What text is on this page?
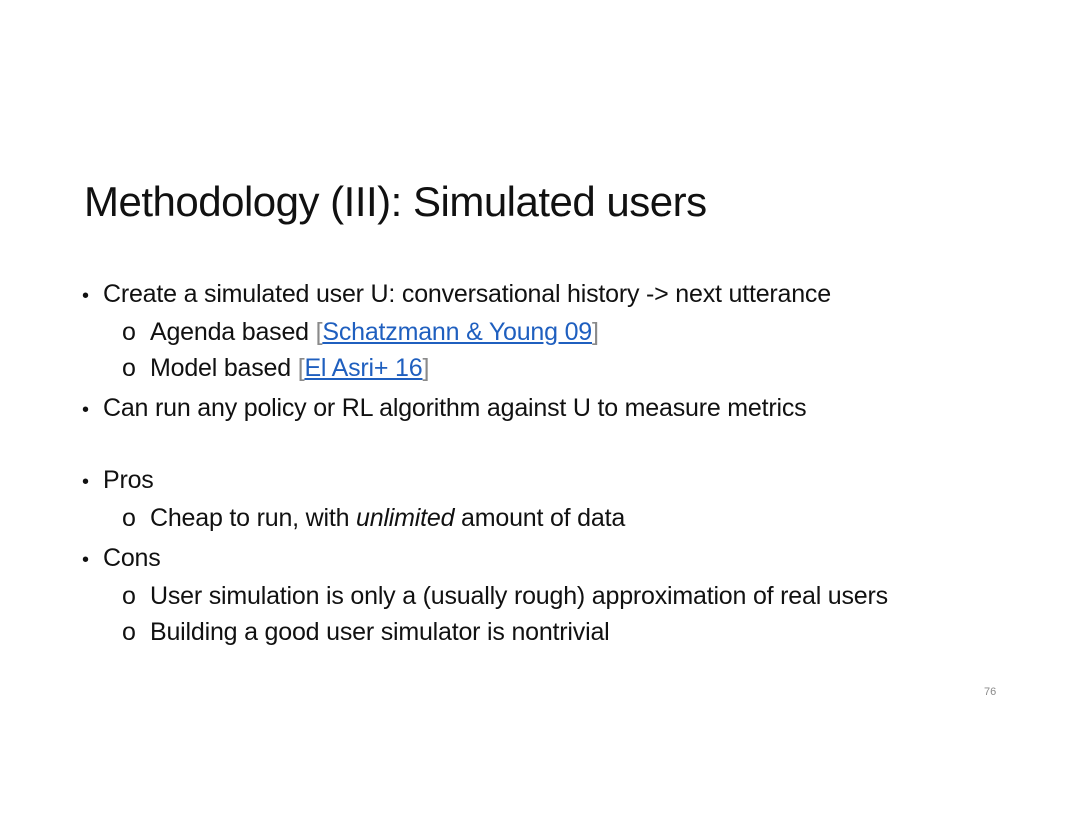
Methodology (III): Simulated users
• Create a simulated user U: conversational history -> next utterance
o Agenda based [Schatzmann & Young 09]
o Model based [El Asri+ 16]
• Can run any policy or RL algorithm against U to measure metrics
• Pros
o Cheap to run, with unlimited amount of data
• Cons
o User simulation is only a (usually rough) approximation of real users
o Building a good user simulator is nontrivial
76
